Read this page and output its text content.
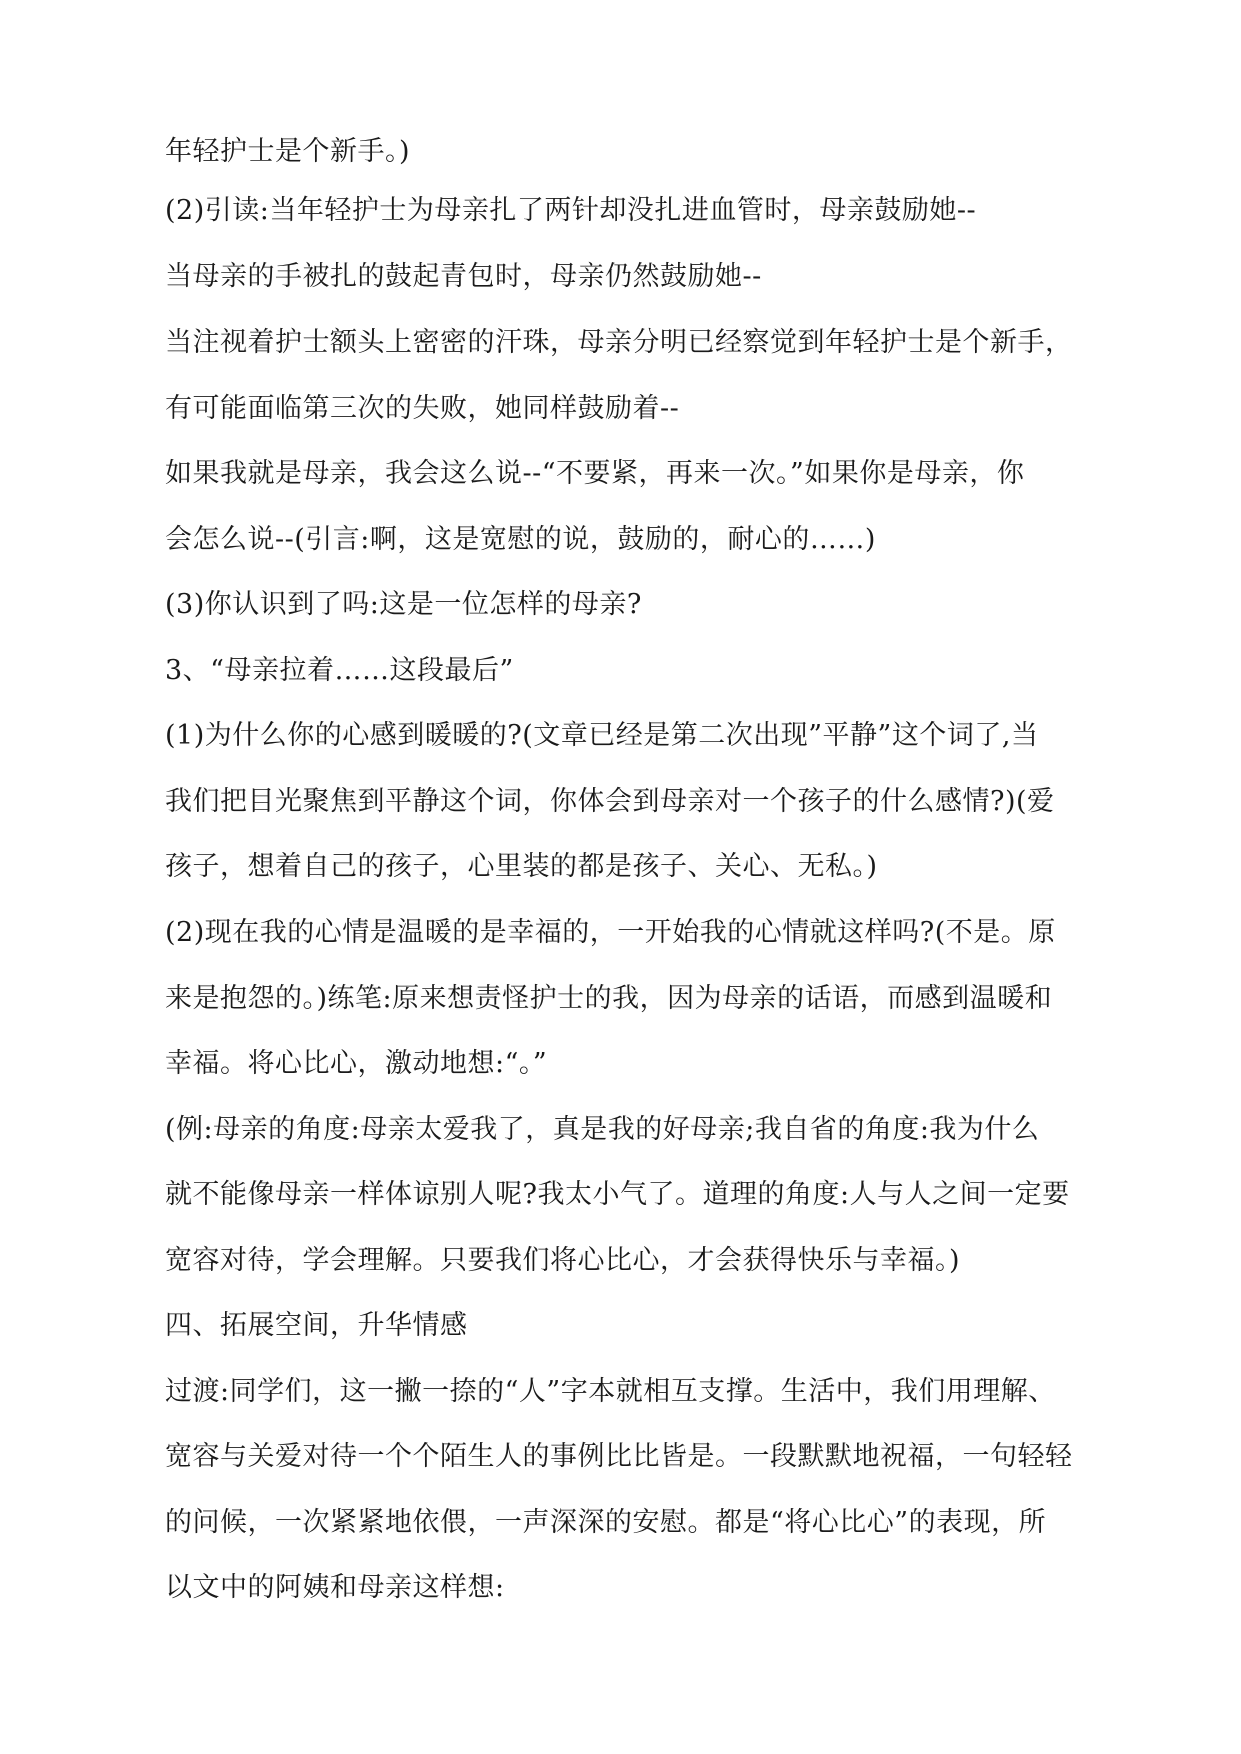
年轻护士是个新手。)
(2)引读:当年轻护士为母亲扎了两针却没扎进血管时，母亲鼓励她--
当母亲的手被扎的鼓起青包时，母亲仍然鼓励她--
当注视着护士额头上密密的汗珠，母亲分明已经察觉到年轻护士是个新手，
有可能面临第三次的失败，她同样鼓励着--
如果我就是母亲，我会这么说--“不要紧，再来一次。”如果你是母亲，你
会怎么说--(引言:啊，这是宽慰的说，鼓励的，耐心的……)
(3)你认识到了吗:这是一位怎样的母亲?
3、“母亲拉着……这段最后”
(1)为什么你的心感到暖暖的?(文章已经是第二次出现”平静”这个词了,当
我们把目光聚焦到平静这个词，你体会到母亲对一个孩子的什么感情?)(爱
孩子，想着自己的孩子，心里装的都是孩子、关心、无私。)
(2)现在我的心情是温暖的是幸福的，一开始我的心情就这样吗?(不是。原
来是抱怨的。)练笔:原来想责怪护士的我，因为母亲的话语，而感到温暖和
幸福。将心比心，激动地想:“。”
(例:母亲的角度:母亲太爱我了，真是我的好母亲;我自省的角度:我为什么
就不能像母亲一样体谅别人呢?我太小气了。道理的角度:人与人之间一定要
宽容对待，学会理解。只要我们将心比心，才会获得快乐与幸福。)
四、拓展空间，升华情感
过渡:同学们，这一撇一捺的“人”字本就相互支撑。生活中，我们用理解、
宽容与关爱对待一个个陌生人的事例比比皆是。一段默默地祝福，一句轻轻
的问候，一次紧紧地依偎，一声深深的安慰。都是“将心比心”的表现，所
以文中的阿姨和母亲这样想:
